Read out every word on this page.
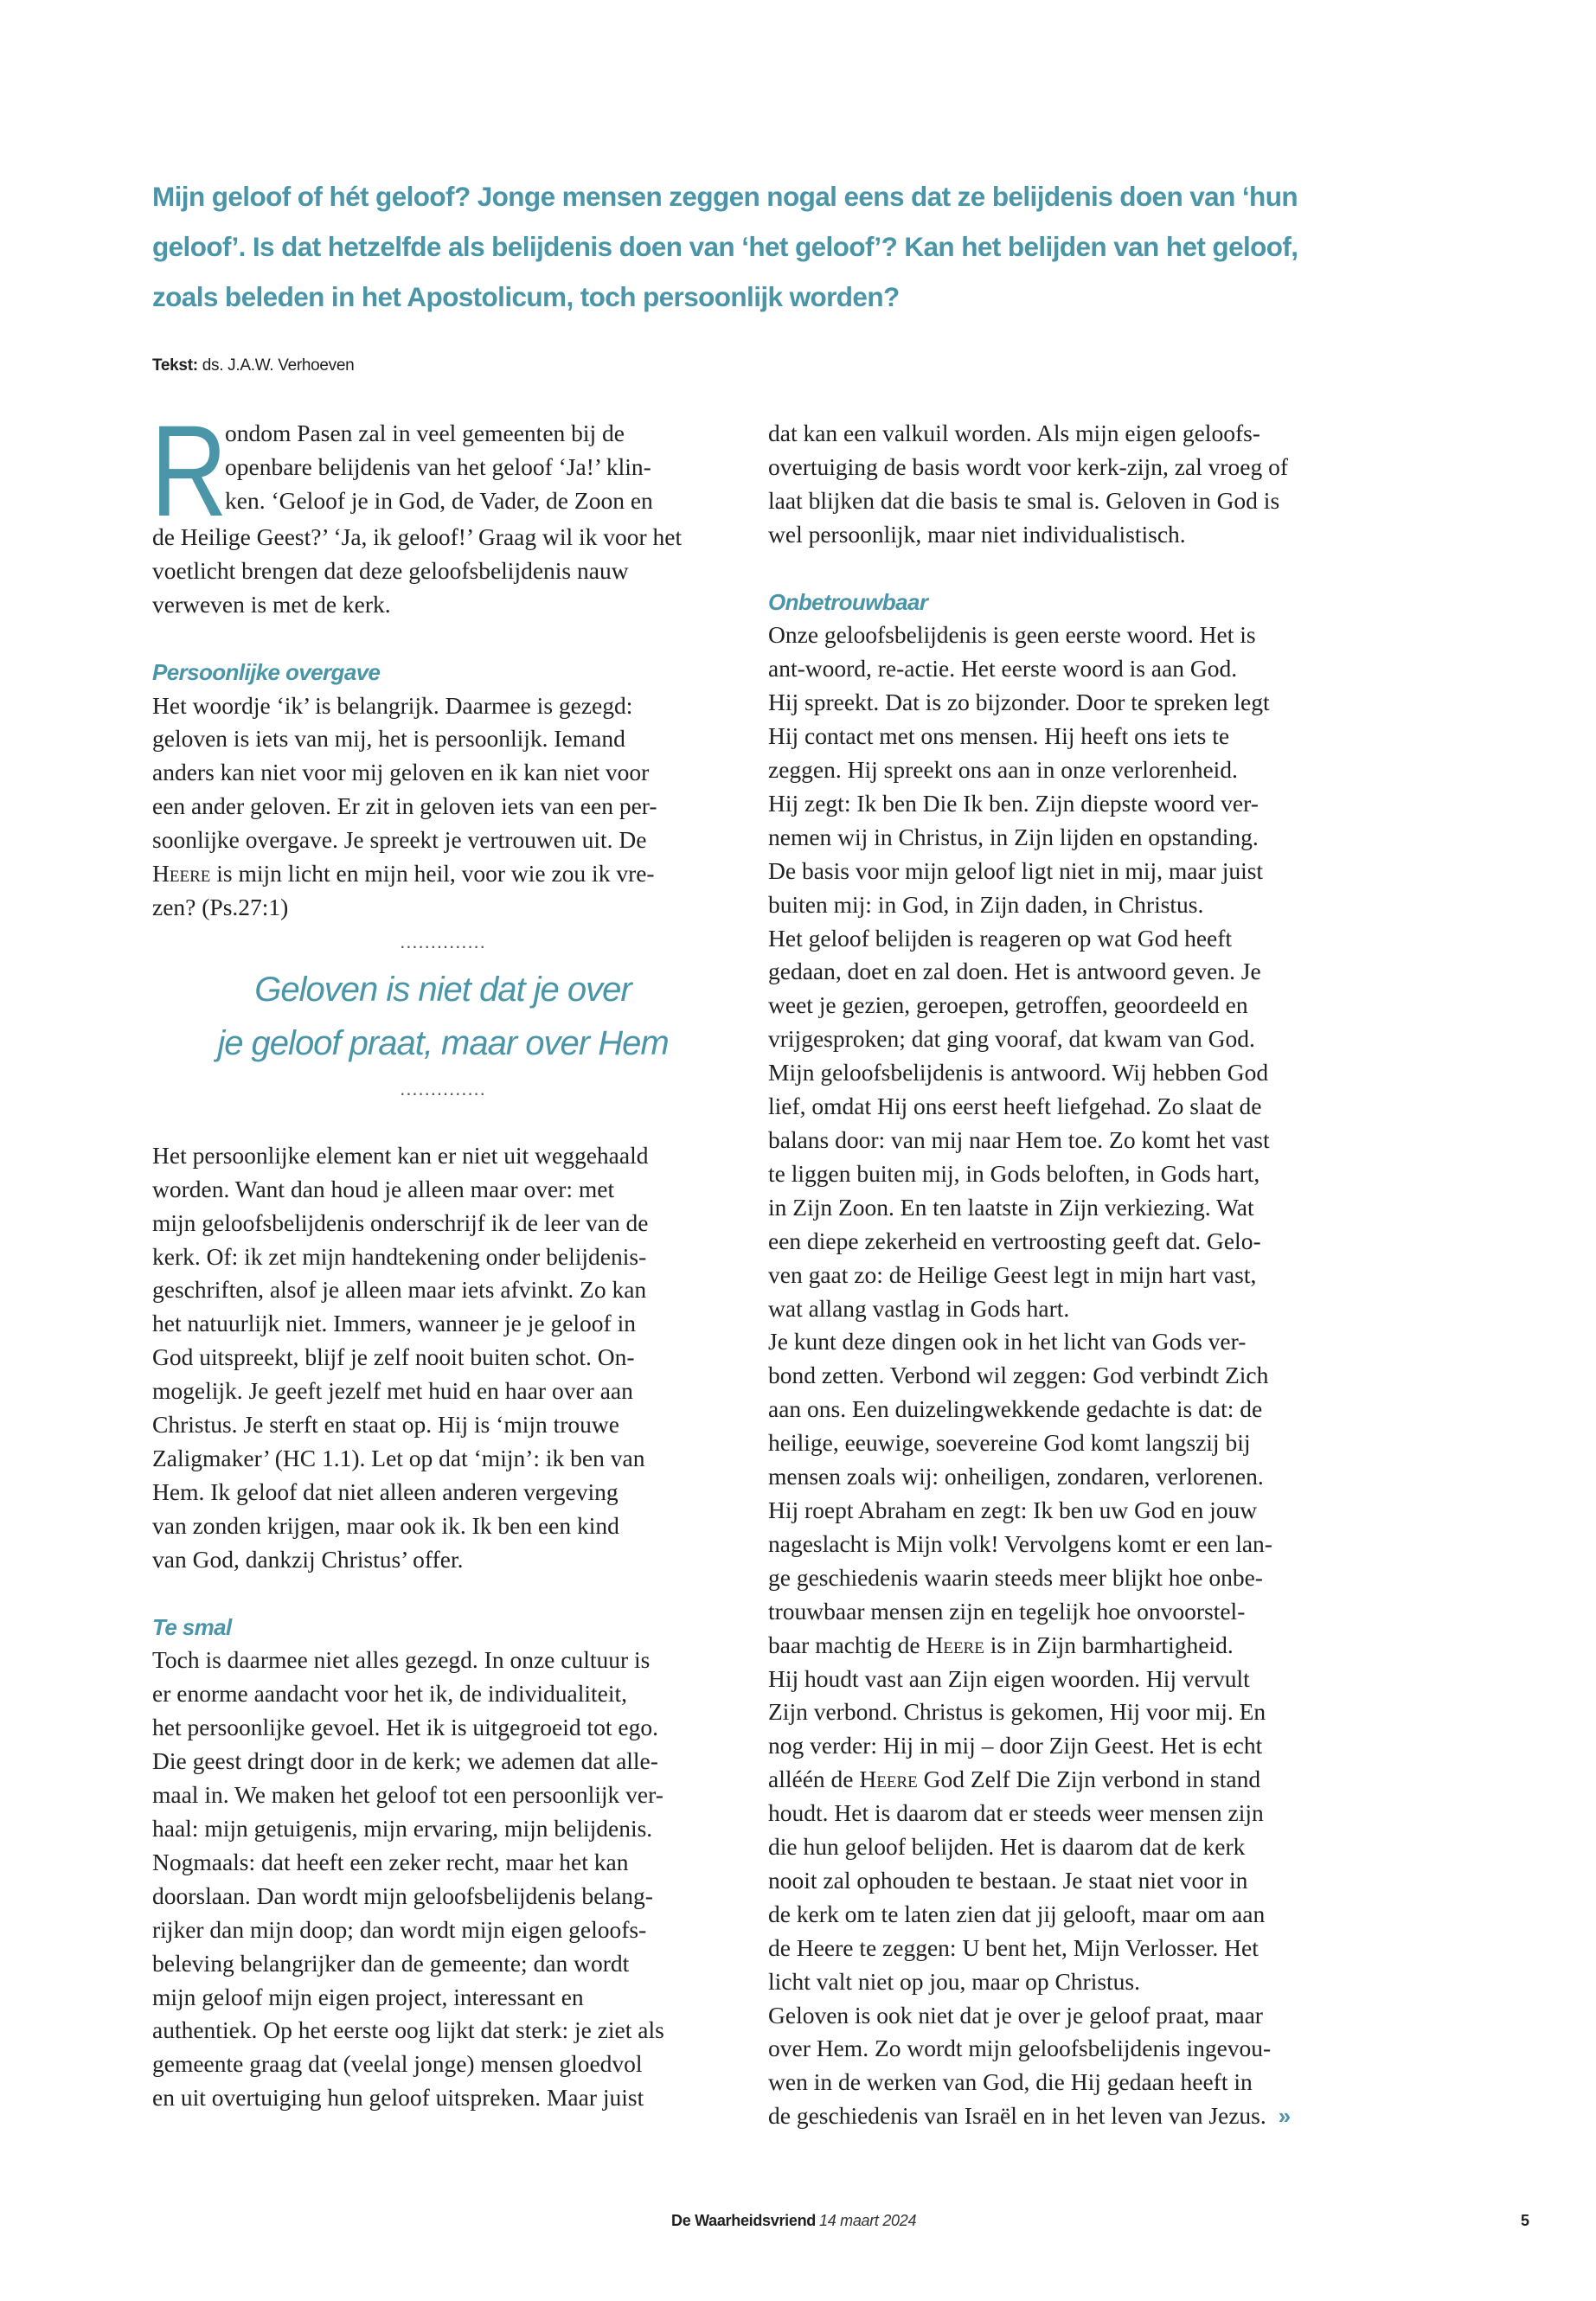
Mijn geloof of hét geloof? Jonge mensen zeggen nogal eens dat ze belijdenis doen van ‘hun
geloof’. Is dat hetzelfde als belijdenis doen van ‘het geloof’? Kan het belijden van het geloof,
zoals beleden in het Apostolicum, toch persoonlijk worden?
Tekst: ds. J.A.W. Verhoeven
R
ondom Pasen zal in veel gemeenten bij de
openbare belijdenis van het geloof ‘Ja!’ klin-
ken. ‘Geloof je in God, de Vader, de Zoon en
de Heilige Geest?’ ‘Ja, ik geloof!’ Graag wil ik voor het
voetlicht brengen dat deze geloofsbelijdenis nauw
verweven is met de kerk.
Persoonlijke overgave
Het woordje ‘ik’ is belangrijk. Daarmee is gezegd:
geloven is iets van mij, het is persoonlijk. Iemand
anders kan niet voor mij geloven en ik kan niet voor
een ander geloven. Er zit in geloven iets van een per-
soonlijke overgave. Je spreekt je vertrouwen uit. De
Heere is mijn licht en mijn heil, voor wie zou ik vre-
zen? (Ps.27:1)
..............
Geloven is niet dat je over
je geloof praat, maar over Hem
..............
Het persoonlijke element kan er niet uit weggehaald
worden. Want dan houd je alleen maar over: met
mijn geloofsbelijdenis onderschrijf ik de leer van de
kerk. Of: ik zet mijn handtekening onder belijdenis-
geschriften, alsof je alleen maar iets afvinkt. Zo kan
het natuurlijk niet. Immers, wanneer je je geloof in
God uitspreekt, blijf je zelf nooit buiten schot. On-
mogelijk. Je geeft jezelf met huid en haar over aan
Christus. Je sterft en staat op. Hij is ‘mijn trouwe
Zaligmaker’ (HC 1.1). Let op dat ‘mijn’: ik ben van
Hem. Ik geloof dat niet alleen anderen vergeving
van zonden krijgen, maar ook ik. Ik ben een kind
van God, dankzij Christus’ offer.
Te smal
Toch is daarmee niet alles gezegd. In onze cultuur is
er enorme aandacht voor het ik, de individualiteit,
het persoonlijke gevoel. Het ik is uitgegroeid tot ego.
Die geest dringt door in de kerk; we ademen dat alle-
maal in. We maken het geloof tot een persoonlijk ver-
haal: mijn getuigenis, mijn ervaring, mijn belijdenis.
Nogmaals: dat heeft een zeker recht, maar het kan
doorslaan. Dan wordt mijn geloofsbelijdenis belang-
rijker dan mijn doop; dan wordt mijn eigen geloofs-
beleving belangrijker dan de gemeente; dan wordt
mijn geloof mijn eigen project, interessant en
authentiek. Op het eerste oog lijkt dat sterk: je ziet als
gemeente graag dat (veelal jonge) mensen gloedvol
en uit overtuiging hun geloof uitspreken. Maar juist
dat kan een valkuil worden. Als mijn eigen geloofs-
overtuiging de basis wordt voor kerk-zijn, zal vroeg of
laat blijken dat die basis te smal is. Geloven in God is
wel persoonlijk, maar niet individualistisch.
Onbetrouwbaar
Onze geloofsbelijdenis is geen eerste woord. Het is
ant-woord, re-actie. Het eerste woord is aan God.
Hij spreekt. Dat is zo bijzonder. Door te spreken legt
Hij contact met ons mensen. Hij heeft ons iets te
zeggen. Hij spreekt ons aan in onze verlorenheid.
Hij zegt: Ik ben Die Ik ben. Zijn diepste woord ver-
nemen wij in Christus, in Zijn lijden en opstanding.
De basis voor mijn geloof ligt niet in mij, maar juist
buiten mij: in God, in Zijn daden, in Christus.
Het geloof belijden is reageren op wat God heeft
gedaan, doet en zal doen. Het is antwoord geven. Je
weet je gezien, geroepen, getroffen, geoordeeld en
vrijgesproken; dat ging vooraf, dat kwam van God.
Mijn geloofsbelijdenis is antwoord. Wij hebben God
lief, omdat Hij ons eerst heeft liefgehad. Zo slaat de
balans door: van mij naar Hem toe. Zo komt het vast
te liggen buiten mij, in Gods beloften, in Gods hart,
in Zijn Zoon. En ten laatste in Zijn verkiezing. Wat
een diepe zekerheid en vertroosting geeft dat. Gelo-
ven gaat zo: de Heilige Geest legt in mijn hart vast,
wat allang vastlag in Gods hart.
Je kunt deze dingen ook in het licht van Gods ver-
bond zetten. Verbond wil zeggen: God verbindt Zich
aan ons. Een duizelingwekkende gedachte is dat: de
heilige, eeuwige, soevereine God komt langszij bij
mensen zoals wij: onheiligen, zondaren, verlorenen.
Hij roept Abraham en zegt: Ik ben uw God en jouw
nageslacht is Mijn volk! Vervolgens komt er een lan-
ge geschiedenis waarin steeds meer blijkt hoe onbe-
trouwbaar mensen zijn en tegelijk hoe onvoorstel-
baar machtig de Heere is in Zijn barmhartigheid.
Hij houdt vast aan Zijn eigen woorden. Hij vervult
Zijn verbond. Christus is gekomen, Hij voor mij. En
nog verder: Hij in mij – door Zijn Geest. Het is echt
alléén de Heere God Zelf Die Zijn verbond in stand
houdt. Het is daarom dat er steeds weer mensen zijn
die hun geloof belijden. Het is daarom dat de kerk
nooit zal ophouden te bestaan. Je staat niet voor in
de kerk om te laten zien dat jij gelooft, maar om aan
de Heere te zeggen: U bent het, Mijn Verlosser. Het
licht valt niet op jou, maar op Christus.
Geloven is ook niet dat je over je geloof praat, maar
over Hem. Zo wordt mijn geloofsbelijdenis ingevou-
wen in de werken van God, die Hij gedaan heeft in
de geschiedenis van Israël en in het leven van Jezus. »
De Waarheidsvriend 14 maart 2024	5
